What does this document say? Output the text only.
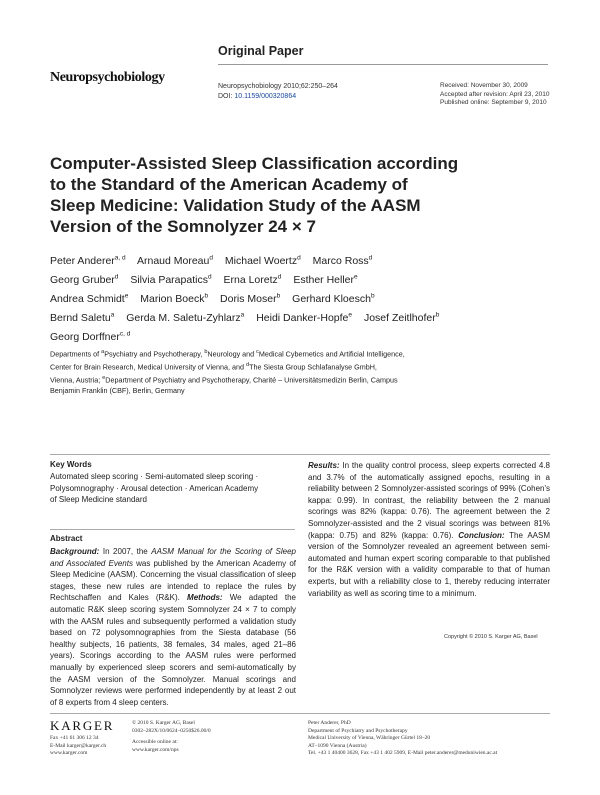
Original Paper
Neuropsychobiology
Neuropsychobiology 2010;62:250–264
DOI: 10.1159/000320864
Received: November 30, 2009
Accepted after revision: April 23, 2010
Published online: September 9, 2010
Computer-Assisted Sleep Classification according
to the Standard of the American Academy of
Sleep Medicine: Validation Study of the AASM
Version of the Somnolyzer 24 × 7
Peter Anderer$^{a, d}$ Arnaud Moreau$^d$ Michael Woertz$^d$ Marco Ross$^d$
Georg Gruber$^d$ Silvia Parapatics$^d$ Erna Loretz$^d$ Esther Heller$^e$
Andrea Schmidt$^e$ Marion Boeck$^b$ Doris Moser$^b$ Gerhard Kloesch$^b$
Bernd Saletu$^a$ Gerda M. Saletu-Zyhlarz$^a$ Heidi Danker-Hopfe$^e$ Josef Zeitlhofer$^b$
Georg Dorffner$^{c, d}$
Departments of $^a$Psychiatry and Psychotherapy, $^b$Neurology and $^c$Medical Cybernetics and Artificial Intelligence,
Center for Brain Research, Medical University of Vienna, and $^d$The Siesta Group Schlafanalyse GmbH,
Vienna, Austria; $^e$Department of Psychiatry and Psychotherapy, Charité – Universitätsmedizin Berlin, Campus
Benjamin Franklin (CBF), Berlin, Germany
Key Words
Automated sleep scoring · Semi-automated sleep scoring ·
Polysomnography · Arousal detection · American Academy
of Sleep Medicine standard
Abstract
Background: In 2007, the AASM Manual for the Scoring of Sleep and Associated Events was published by the American Academy of Sleep Medicine (AASM). Concerning the visual classification of sleep stages, these new rules are intended to replace the rules by Rechtschaffen and Kales (R&K). Methods: We adapted the automatic R&K sleep scoring system Somnolyzer 24 × 7 to comply with the AASM rules and subsequently performed a validation study based on 72 polysomnographies from the Siesta database (56 healthy subjects, 16 patients, 38 females, 34 males, aged 21–86 years). Scorings according to the AASM rules were performed manually by experienced sleep scorers and semi-automatically by the AASM version of the Somnolyzer. Manual scorings and Somnolyzer reviews were performed independently by at least 2 out of 8 experts from 4 sleep centers.
Results: In the quality control process, sleep experts corrected 4.8 and 3.7% of the automatically assigned epochs, resulting in a reliability between 2 Somnolyzer-assisted scorings of 99% (Cohen's kappa: 0.99). In contrast, the reliability between the 2 manual scorings was 82% (kappa: 0.76). The agreement between the 2 Somnolyzer-assisted and the 2 visual scorings was between 81% (kappa: 0.75) and 82% (kappa: 0.76). Conclusion: The AASM version of the Somnolyzer revealed an agreement between semi-automated and human expert scoring comparable to that published for the R&K version with a validity comparable to that of human experts, but with a reliability close to 1, thereby reducing interrater variability as well as scoring time to a minimum.
Copyright © 2010 S. Karger AG, Basel
KARGER
Fax +41 61 306 12 34
E-Mail karger@karger.ch
www.karger.com
© 2010 S. Karger AG, Basel
0302–282X/10/0624–0250$26.00/0
Accessible online at:
www.karger.com/nps
Peter Anderer, PhD
Department of Psychiatry and Psychotherapy
Medical University of Vienna, Währinger Gürtel 18–20
AT–1090 Vienna (Austria)
Tel. +43 1 40400 3628, Fax +43 1 402 5909, E-Mail peter.anderer@meduniwien.ac.at
